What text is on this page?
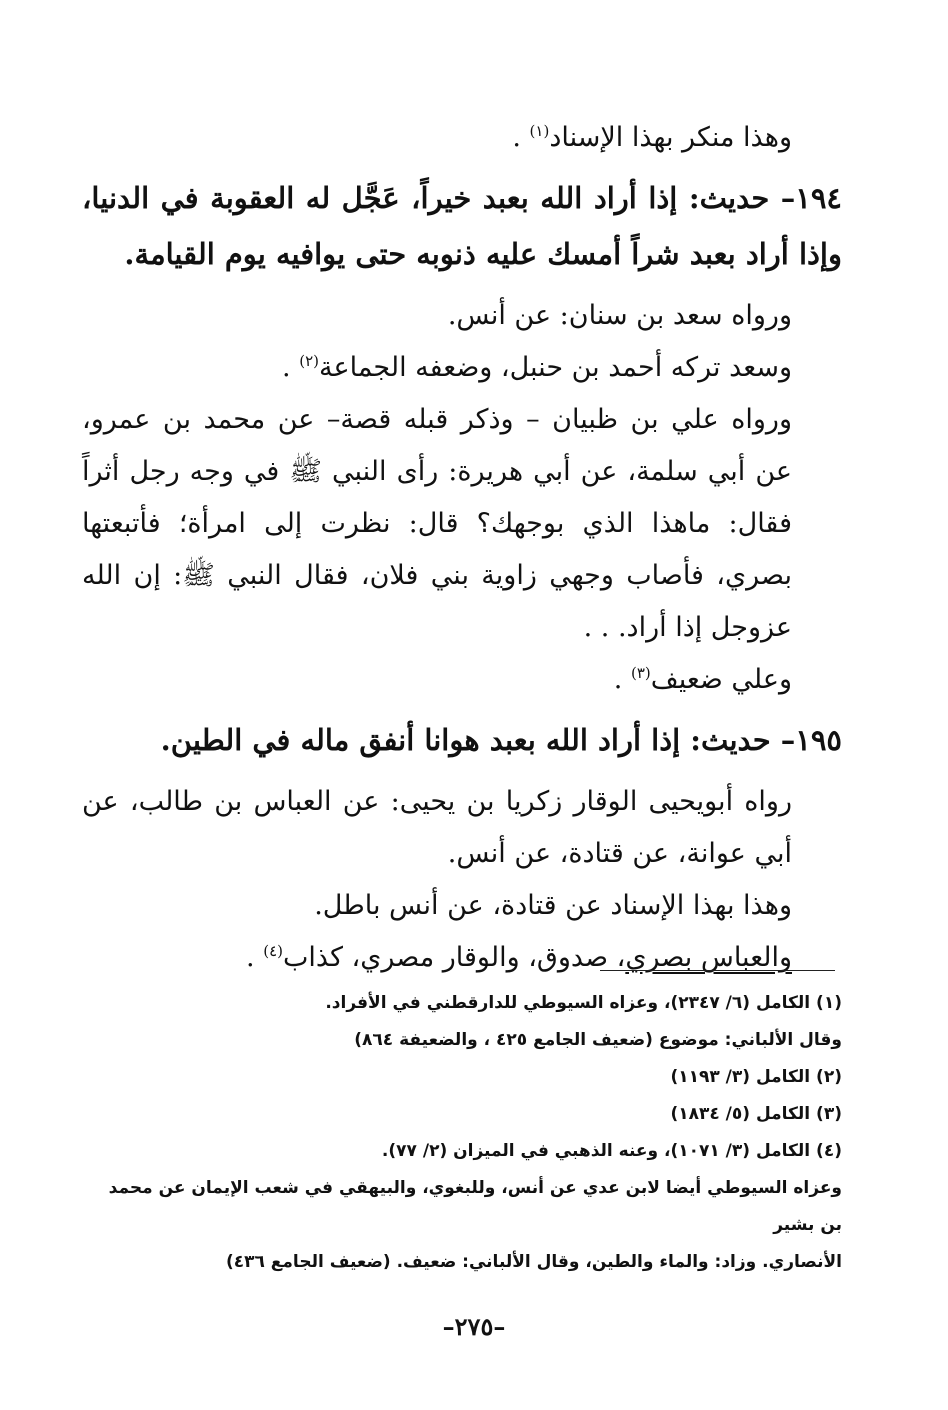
وهذا منكر بهذا الإسناد$^{(١)}$ .

١٩٤– حديث: إذا أراد الله بعبد خيراً، عَجَّل له العقوبة في الدنيا، وإذا أراد بعبد شراً أمسك عليه ذنوبه حتى يوافيه يوم القيامة.

ورواه سعد بن سنان: عن أنس.

وسعد تركه أحمد بن حنبل، وضعفه الجماعة$^{(٢)}$ .

ورواه علي بن ظبيان – وذكر قبله قصة– عن محمد بن عمرو، عن أبي سلمة، عن أبي هريرة: رأى النبي ﷺ في وجه رجل أثراً فقال: ماهذا الذي بوجهك؟ قال: نظرت إلى امرأة؛ فأتبعتها بصري، فأصاب وجهي زاوية بني فلان، فقال النبي ﷺ: إن الله عزوجل إذا أراد. . .

وعلي ضعيف$^{(٣)}$ .

١٩٥– حديث: إذا أراد الله بعبد هوانا أنفق ماله في الطين.

رواه أبويحيى الوقار زكريا بن يحيى: عن العباس بن طالب، عن أبي عوانة، عن قتادة، عن أنس.

وهذا بهذا الإسناد عن قتادة، عن أنس باطل.

والعباس بصري، صدوق، والوقار مصري، كذاب$^{(٤)}$ .

(١) الكامل (٦/ ٢٣٤٧)، وعزاه السيوطي للدارقطني في الأفراد.

وقال الألباني: موضوع (ضعيف الجامع ٤٢٥ ، والضعيفة ٨٦٤)

(٢) الكامل (٣/ ١١٩٣)

(٣) الكامل (٥/ ١٨٣٤)

(٤) الكامل (٣/ ١٠٧١)، وعنه الذهبي في الميزان (٢/ ٧٧).

وعزاه السيوطي أيضا لابن عدي عن أنس، وللبغوي، والبيهقي في شعب الإيمان عن محمد بن بشير

الأنصاري. وزاد: والماء والطين، وقال الألباني: ضعيف. (ضعيف الجامع ٤٣٦)

–٢٧٥–
